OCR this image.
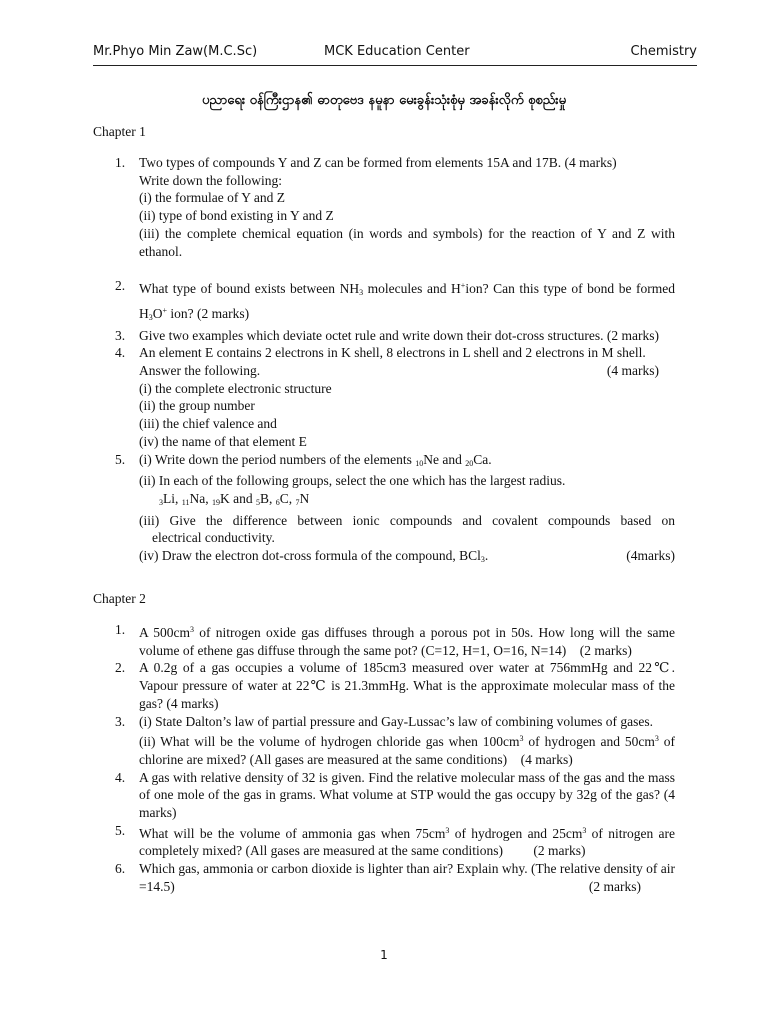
Mr.Phyo Min Zaw(M.C.Sc)	MCK Education Center	Chemistry
ပညာရေး ဝန်ကြီးဌာန၏ ဓာတုဗေဒ နမူနာ မေးခွန်းသုံးစုံမှ အခန်းလိုက် စုစည်းမှု
Chapter 1
1. Two types of compounds Y and Z can be formed from elements 15A and 17B. (4 marks)
Write down the following:
(i) the formulae of Y and Z
(ii) type of bond existing in Y and Z
(iii) the complete chemical equation (in words and symbols) for the reaction of Y and Z with ethanol.
2. What type of bound exists between $NH_3$ molecules and H+ion? Can this type of bond be formed $H_3O^+$ ion? (2 marks)
3. Give two examples which deviate octet rule and write down their dot-cross structures. (2 marks)
4. An element E contains 2 electrons in K shell, 8 electrons in L shell and 2 electrons in M shell.
Answer the following.	(4 marks)
(i) the complete electronic structure
(ii) the group number
(iii) the chief valence and
(iv) the name of that element E
5. (i) Write down the period numbers of the elements $_{10}$Ne and $_{20}$Ca.
(ii) In each of the following groups, select the one which has the largest radius.
$_3$Li, $_{11}$Na, $_{19}$K and $_5$B, $_6$C, $_7$N
(iii) Give the difference between ionic compounds and covalent compounds based on
electrical conductivity.
(iv) Draw the electron dot-cross formula of the compound, BCl$_3$.	(4marks)
Chapter 2
1. A $500cm^3$ of nitrogen oxide gas diffuses through a porous pot in 50s. How long will the same volume of ethene gas diffuse through the same pot? (C=12, H=1, O=16, N=14) (2 marks)
2. A 0.2g of a gas occupies a volume of 185cm3 measured over water at 756mmHg and 22℃. Vapour pressure of water at 22℃ is 21.3mmHg. What is the approximate molecular mass of the gas? (4 marks)
3. (i) State Dalton’s law of partial pressure and Gay-Lussac’s law of combining volumes of gases.
(ii) What will be the volume of hydrogen chloride gas when $100cm^3$ of hydrogen and $50cm^3$ of chlorine are mixed? (All gases are measured at the same conditions) (4 marks)
4. A gas with relative density of 32 is given. Find the relative molecular mass of the gas and the mass of one mole of the gas in grams. What volume at STP would the gas occupy by 32g of the gas? (4 marks)
5. What will be the volume of ammonia gas when $75cm^3$ of hydrogen and $25cm^3$ of nitrogen are completely mixed? (All gases are measured at the same conditions) (2 marks)
6. Which gas, ammonia or carbon dioxide is lighter than air? Explain why. (The relative density of air =14.5)	(2 marks)
1
